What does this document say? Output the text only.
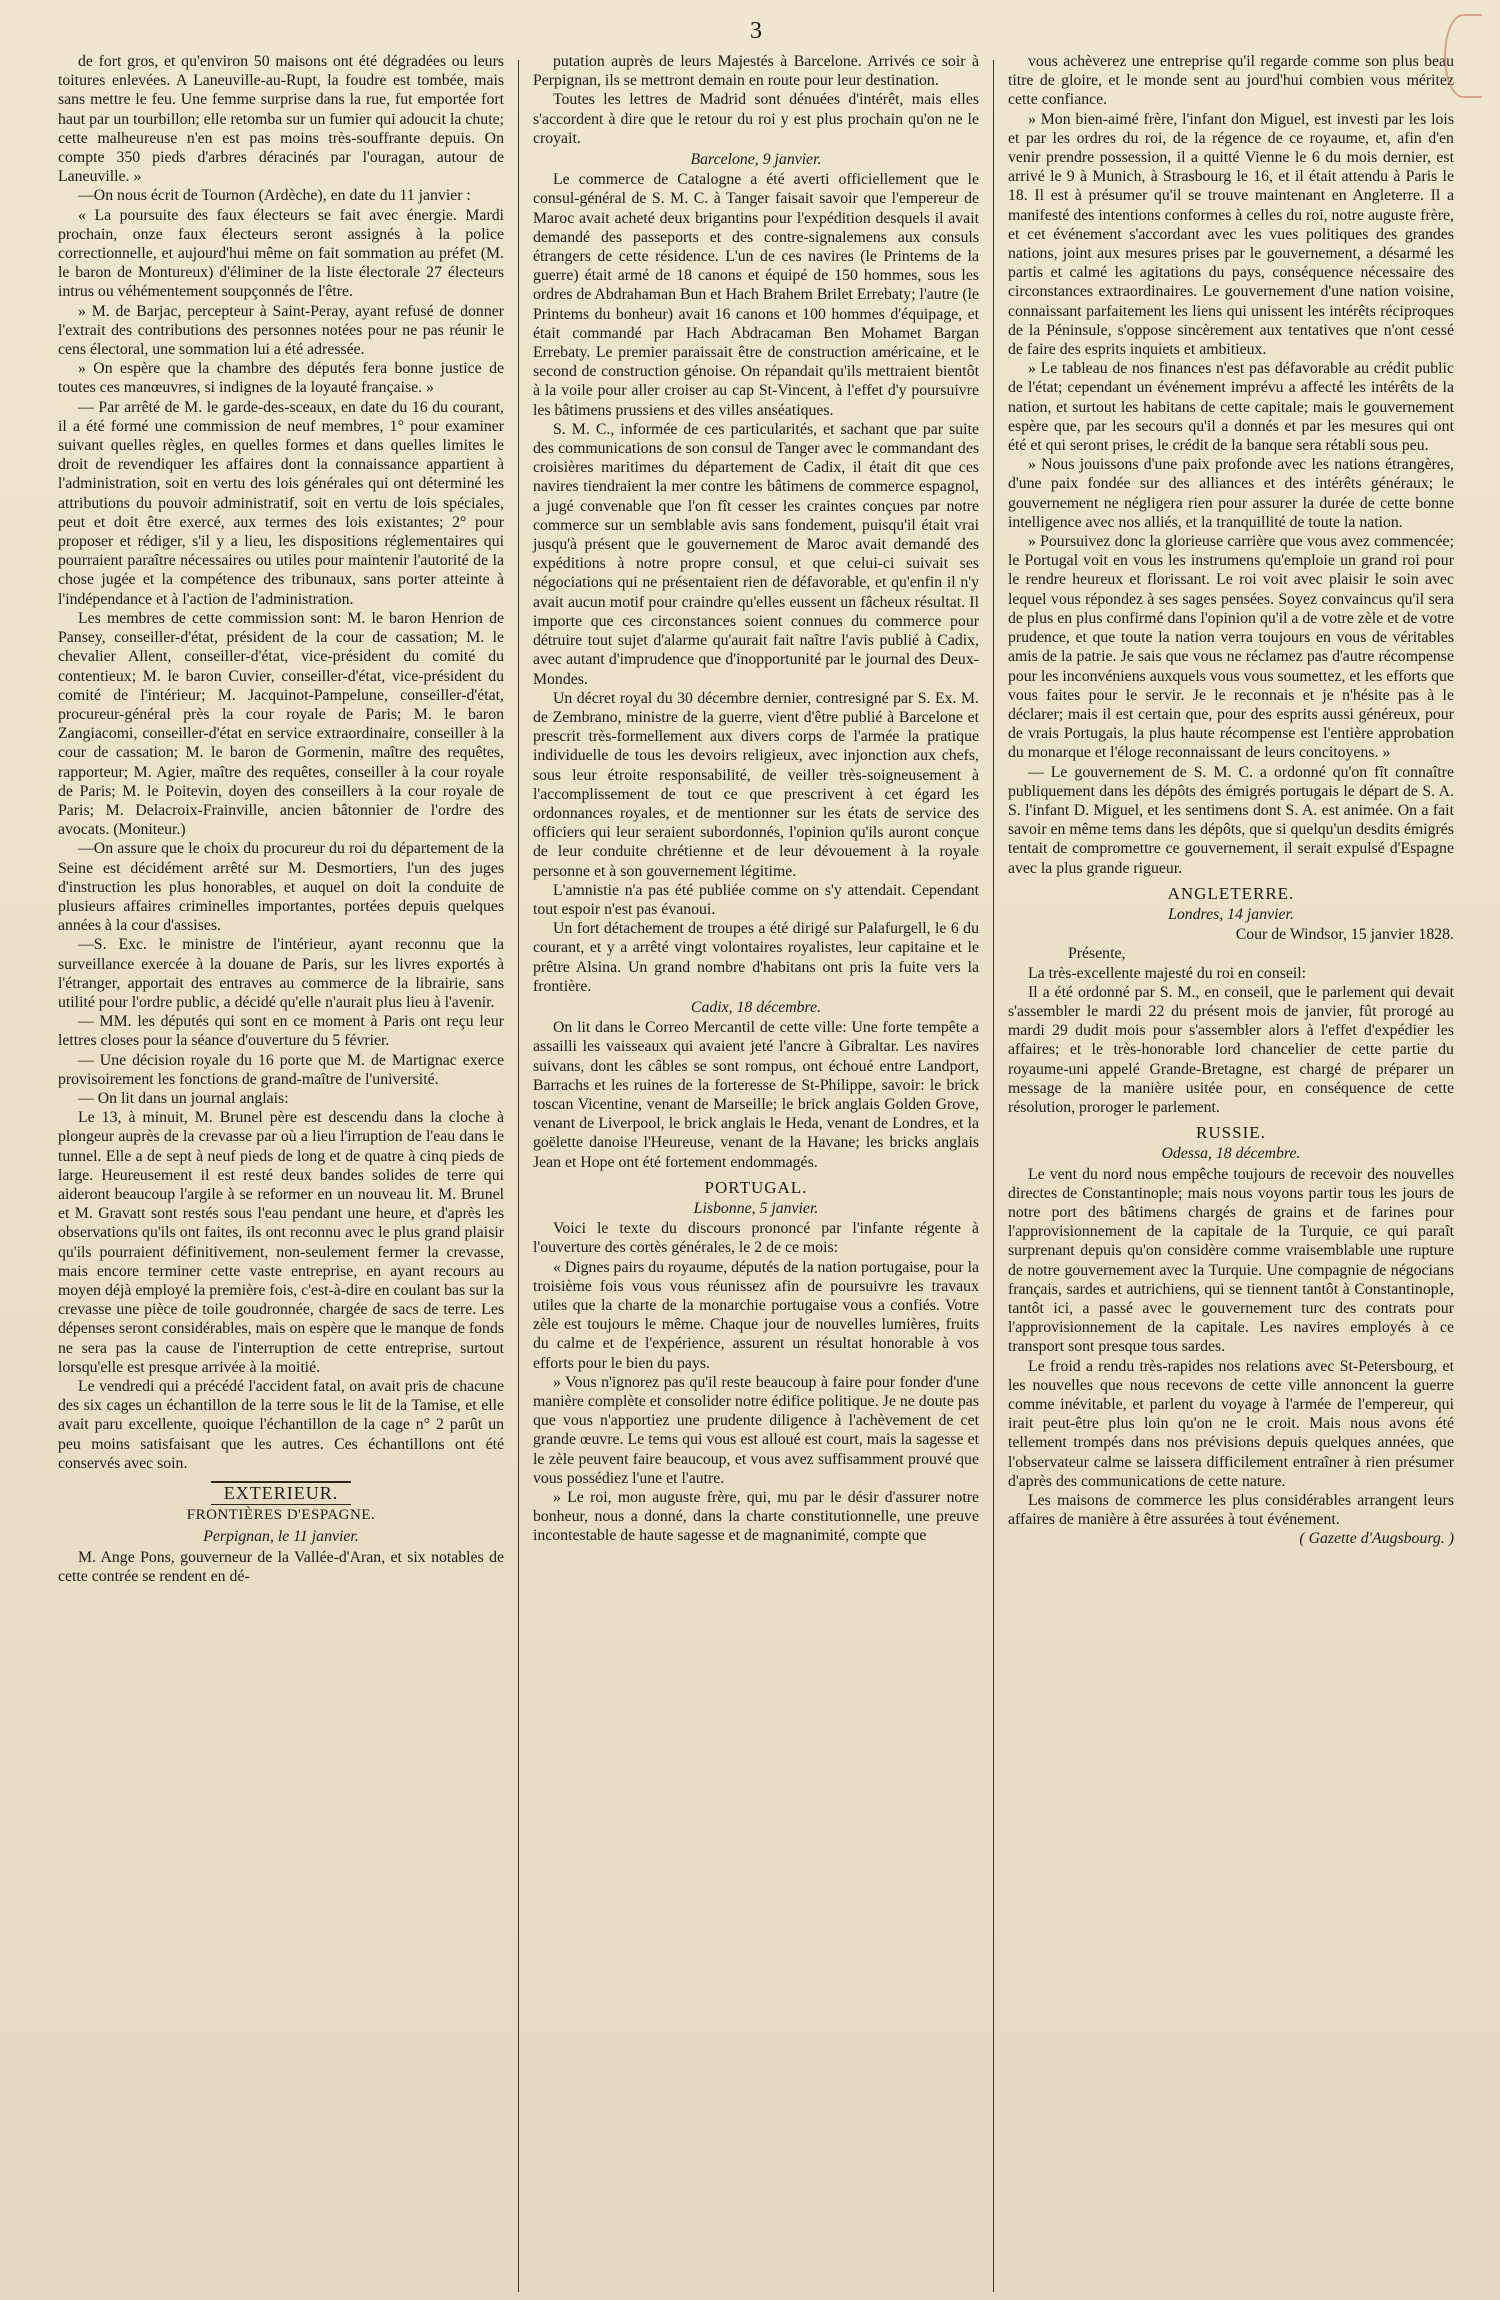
3

de fort gros, et qu'environ 50 maisons ont été dégradées ou leurs toitures enlevées. A Laneuville-au-Rupt, la foudre est tombée, mais sans mettre le feu. Une femme surprise dans la rue, fut emportée fort haut par un tourbillon; elle retomba sur un fumier qui adoucit la chute; cette malheureuse n'en est pas moins très-souffrante depuis. On compte 350 pieds d'arbres déracinés par l'ouragan, autour de Laneuville. »

—On nous écrit de Tournon (Ardèche), en date du 11 janvier :

« La poursuite des faux électeurs se fait avec énergie. Mardi prochain, onze faux électeurs seront assignés à la police correctionnelle, et aujourd'hui même on fait sommation au préfet (M. le baron de Montureux) d'éliminer de la liste électorale 27 électeurs intrus ou véhémentement soupçonnés de l'être.

» M. de Barjac, percepteur à Saint-Peray, ayant refusé de donner l'extrait des contributions des personnes notées pour ne pas réunir le cens électoral, une sommation lui a été adressée.

» On espère que la chambre des députés fera bonne justice de toutes ces manœuvres, si indignes de la loyauté française. »

— Par arrêté de M. le garde-des-sceaux, en date du 16 du courant, il a été formé une commission de neuf membres, 1° pour examiner suivant quelles règles, en quelles formes et dans quelles limites le droit de revendiquer les affaires dont la connaissance appartient à l'administration, soit en vertu des lois générales qui ont déterminé les attributions du pouvoir administratif, soit en vertu de lois spéciales, peut et doit être exercé, aux termes des lois existantes; 2° pour proposer et rédiger, s'il y a lieu, les dispositions réglementaires qui pourraient paraître nécessaires ou utiles pour maintenir l'autorité de la chose jugée et la compétence des tribunaux, sans porter atteinte à l'indépendance et à l'action de l'administration.

Les membres de cette commission sont: M. le baron Henrion de Pansey, conseiller-d'état, président de la cour de cassation; M. le chevalier Allent, conseiller-d'état, vice-président du comité du contentieux; M. le baron Cuvier, conseiller-d'état, vice-président du comité de l'intérieur; M. Jacquinot-Pampelune, conseiller-d'état, procureur-général près la cour royale de Paris; M. le baron Zangiacomi, conseiller-d'état en service extraordinaire, conseiller à la cour de cassation; M. le baron de Gormenin, maître des requêtes, rapporteur; M. Agier, maître des requêtes, conseiller à la cour royale de Paris; M. le Poitevin, doyen des conseillers à la cour royale de Paris; M. Delacroix-Frainville, ancien bâtonnier de l'ordre des avocats. (Moniteur.)

—On assure que le choix du procureur du roi du département de la Seine est décidément arrêté sur M. Desmortiers, l'un des juges d'instruction les plus honorables, et auquel on doit la conduite de plusieurs affaires criminelles importantes, portées depuis quelques années à la cour d'assises.

—S. Exc. le ministre de l'intérieur, ayant reconnu que la surveillance exercée à la douane de Paris, sur les livres exportés à l'étranger, apportait des entraves au commerce de la librairie, sans utilité pour l'ordre public, a décidé qu'elle n'aurait plus lieu à l'avenir.

— MM. les députés qui sont en ce moment à Paris ont reçu leur lettres closes pour la séance d'ouverture du 5 février.

— Une décision royale du 16 porte que M. de Martignac exerce provisoirement les fonctions de grand-maître de l'université.

— On lit dans un journal anglais:

Le 13, à minuit, M. Brunel père est descendu dans la cloche à plongeur auprès de la crevasse par où a lieu l'irruption de l'eau dans le tunnel. Elle a de sept à neuf pieds de long et de quatre à cinq pieds de large. Heureusement il est resté deux bandes solides de terre qui aideront beaucoup l'argile à se reformer en un nouveau lit. M. Brunel et M. Gravatt sont restés sous l'eau pendant une heure, et d'après les observations qu'ils ont faites, ils ont reconnu avec le plus grand plaisir qu'ils pourraient définitivement, non-seulement fermer la crevasse, mais encore terminer cette vaste entreprise, en ayant recours au moyen déjà employé la première fois, c'est-à-dire en coulant bas sur la crevasse une pièce de toile goudronnée, chargée de sacs de terre. Les dépenses seront considérables, mais on espère que le manque de fonds ne sera pas la cause de l'interruption de cette entreprise, surtout lorsqu'elle est presque arrivée à la moitié.

Le vendredi qui a précédé l'accident fatal, on avait pris de chacune des six cages un échantillon de la terre sous le lit de la Tamise, et elle avait paru excellente, quoique l'échantillon de la cage n° 2 parût un peu moins satisfaisant que les autres. Ces échantillons ont été conservés avec soin.

EXTERIEUR.
FRONTIÈRES D'ESPAGNE.

Perpignan, le 11 janvier.

M. Ange Pons, gouverneur de la Vallée-d'Aran, et six notables de cette contrée se rendent en dé-

putation auprès de leurs Majestés à Barcelone. Arrivés ce soir à Perpignan, ils se mettront demain en route pour leur destination.

Toutes les lettres de Madrid sont dénuées d'intérêt, mais elles s'accordent à dire que le retour du roi y est plus prochain qu'on ne le croyait.

Barcelone, 9 janvier.

Le commerce de Catalogne a été averti officiellement que le consul-général de S. M. C. à Tanger faisait savoir que l'empereur de Maroc avait acheté deux brigantins pour l'expédition desquels il avait demandé des passeports et des contre-signalemens aux consuls étrangers de cette résidence. L'un de ces navires (le Printems de la guerre) était armé de 18 canons et équipé de 150 hommes, sous les ordres de Abdrahaman Bun et Hach Brahem Brilet Errebaty; l'autre (le Printems du bonheur) avait 16 canons et 100 hommes d'équipage, et était commandé par Hach Abdracaman Ben Mohamet Bargan Errebaty. Le premier paraissait être de construction américaine, et le second de construction génoise. On répandait qu'ils mettraient bientôt à la voile pour aller croiser au cap St-Vincent, à l'effet d'y poursuivre les bâtimens prussiens et des villes anséatiques.

S. M. C., informée de ces particularités, et sachant que par suite des communications de son consul de Tanger avec le commandant des croisières maritimes du département de Cadix, il était dit que ces navires tiendraient la mer contre les bâtimens de commerce espagnol, a jugé convenable que l'on fît cesser les craintes conçues par notre commerce sur un semblable avis sans fondement, puisqu'il était vrai jusqu'à présent que le gouvernement de Maroc avait demandé des expéditions à notre propre consul, et que celui-ci suivait ses négociations qui ne présentaient rien de défavorable, et qu'enfin il n'y avait aucun motif pour craindre qu'elles eussent un fâcheux résultat. Il importe que ces circonstances soient connues du commerce pour détruire tout sujet d'alarme qu'aurait fait naître l'avis publié à Cadix, avec autant d'imprudence que d'inopportunité par le journal des Deux-Mondes.

Un décret royal du 30 décembre dernier, contresigné par S. Ex. M. de Zembrano, ministre de la guerre, vient d'être publié à Barcelone et prescrit très-formellement aux divers corps de l'armée la pratique individuelle de tous les devoirs religieux, avec injonction aux chefs, sous leur étroite responsabilité, de veiller très-soigneusement à l'accomplissement de tout ce que prescrivent à cet égard les ordonnances royales, et de mentionner sur les états de service des officiers qui leur seraient subordonnés, l'opinion qu'ils auront conçue de leur conduite chrétienne et de leur dévouement à la royale personne et à son gouvernement légitime.

L'amnistie n'a pas été publiée comme on s'y attendait. Cependant tout espoir n'est pas évanoui.

Un fort détachement de troupes a été dirigé sur Palafurgell, le 6 du courant, et y a arrêté vingt volontaires royalistes, leur capitaine et le prêtre Alsina. Un grand nombre d'habitans ont pris la fuite vers la frontière.

Cadix, 18 décembre.

On lit dans le Correo Mercantil de cette ville: Une forte tempête a assailli les vaisseaux qui avaient jeté l'ancre à Gibraltar. Les navires suivans, dont les câbles se sont rompus, ont échoué entre Landport, Barrachs et les ruines de la forteresse de St-Philippe, savoir: le brick toscan Vicentine, venant de Marseille; le brick anglais Golden Grove, venant de Liverpool, le brick anglais le Heda, venant de Londres, et la goëlette danoise l'Heureuse, venant de la Havane; les bricks anglais Jean et Hope ont été fortement endommagés.

PORTUGAL.

Lisbonne, 5 janvier.

Voici le texte du discours prononcé par l'infante régente à l'ouverture des cortès générales, le 2 de ce mois:

« Dignes pairs du royaume, députés de la nation portugaise, pour la troisième fois vous vous réunissez afin de poursuivre les travaux utiles que la charte de la monarchie portugaise vous a confiés. Votre zèle est toujours le même. Chaque jour de nouvelles lumières, fruits du calme et de l'expérience, assurent un résultat honorable à vos efforts pour le bien du pays.

» Vous n'ignorez pas qu'il reste beaucoup à faire pour fonder d'une manière complète et consolider notre édifice politique. Je ne doute pas que vous n'apportiez une prudente diligence à l'achèvement de cet grande œuvre. Le tems qui vous est alloué est court, mais la sagesse et le zèle peuvent faire beaucoup, et vous avez suffisamment prouvé que vous possédiez l'une et l'autre.

» Le roi, mon auguste frère, qui, mu par le désir d'assurer notre bonheur, nous a donné, dans la charte constitutionnelle, une preuve incontestable de haute sagesse et de magnanimité, compte que

vous achèverez une entreprise qu'il regarde comme son plus beau titre de gloire, et le monde sent au jourd'hui combien vous méritez cette confiance.

» Mon bien-aimé frère, l'infant don Miguel, est investi par les lois et par les ordres du roi, de la régence de ce royaume, et, afin d'en venir prendre possession, il a quitté Vienne le 6 du mois dernier, est arrivé le 9 à Munich, à Strasbourg le 16, et il était attendu à Paris le 18. Il est à présumer qu'il se trouve maintenant en Angleterre. Il a manifesté des intentions conformes à celles du roi, notre auguste frère, et cet événement s'accordant avec les vues politiques des grandes nations, joint aux mesures prises par le gouvernement, a désarmé les partis et calmé les agitations du pays, conséquence nécessaire des circonstances extraordinaires. Le gouvernement d'une nation voisine, connaissant parfaitement les liens qui unissent les intérêts réciproques de la Péninsule, s'oppose sincèrement aux tentatives que n'ont cessé de faire des esprits inquiets et ambitieux.

» Le tableau de nos finances n'est pas défavorable au crédit public de l'état; cependant un événement imprévu a affecté les intérêts de la nation, et surtout les habitans de cette capitale; mais le gouvernement espère que, par les secours qu'il a donnés et par les mesures qui ont été et qui seront prises, le crédit de la banque sera rétabli sous peu.

» Nous jouissons d'une paix profonde avec les nations étrangères, d'une paix fondée sur des alliances et des intérêts généraux; le gouvernement ne négligera rien pour assurer la durée de cette bonne intelligence avec nos alliés, et la tranquillité de toute la nation.

» Poursuivez donc la glorieuse carrière que vous avez commencée; le Portugal voit en vous les instrumens qu'emploie un grand roi pour le rendre heureux et florissant. Le roi voit avec plaisir le soin avec lequel vous répondez à ses sages pensées. Soyez convaincus qu'il sera de plus en plus confirmé dans l'opinion qu'il a de votre zèle et de votre prudence, et que toute la nation verra toujours en vous de véritables amis de la patrie. Je sais que vous ne réclamez pas d'autre récompense pour les inconvéniens auxquels vous vous soumettez, et les efforts que vous faites pour le servir. Je le reconnais et je n'hésite pas à le déclarer; mais il est certain que, pour des esprits aussi généreux, pour de vrais Portugais, la plus haute récompense est l'entière approbation du monarque et l'éloge reconnaissant de leurs concitoyens. »

— Le gouvernement de S. M. C. a ordonné qu'on fît connaître publiquement dans les dépôts des émigrés portugais le départ de S. A. S. l'infant D. Miguel, et les sentimens dont S. A. est animée. On a fait savoir en même tems dans les dépôts, que si quelqu'un desdits émigrés tentait de compromettre ce gouvernement, il serait expulsé d'Espagne avec la plus grande rigueur.

ANGLETERRE.

Londres, 14 janvier.

Cour de Windsor, 15 janvier 1828.

Présente,

La très-excellente majesté du roi en conseil:

Il a été ordonné par S. M., en conseil, que le parlement qui devait s'assembler le mardi 22 du présent mois de janvier, fût prorogé au mardi 29 dudit mois pour s'assembler alors à l'effet d'expédier les affaires; et le très-honorable lord chancelier de cette partie du royaume-uni appelé Grande-Bretagne, est chargé de préparer un message de la manière usitée pour, en conséquence de cette résolution, proroger le parlement.

RUSSIE.

Odessa, 18 décembre.

Le vent du nord nous empêche toujours de recevoir des nouvelles directes de Constantinople; mais nous voyons partir tous les jours de notre port des bâtimens chargés de grains et de farines pour l'approvisionnement de la capitale de la Turquie, ce qui paraît surprenant depuis qu'on considère comme vraisemblable une rupture de notre gouvernement avec la Turquie. Une compagnie de négocians français, sardes et autrichiens, qui se tiennent tantôt à Constantinople, tantôt ici, a passé avec le gouvernement turc des contrats pour l'approvisionnement de la capitale. Les navires employés à ce transport sont presque tous sardes.

Le froid a rendu très-rapides nos relations avec St-Petersbourg, et les nouvelles que nous recevons de cette ville annoncent la guerre comme inévitable, et parlent du voyage à l'armée de l'empereur, qui irait peut-être plus loin qu'on ne le croit. Mais nous avons été tellement trompés dans nos prévisions depuis quelques années, que l'observateur calme se laissera difficilement entraîner à rien présumer d'après des communications de cette nature.

Les maisons de commerce les plus considérables arrangent leurs affaires de manière à être assurées à tout événement.

( Gazette d'Augsbourg. )
